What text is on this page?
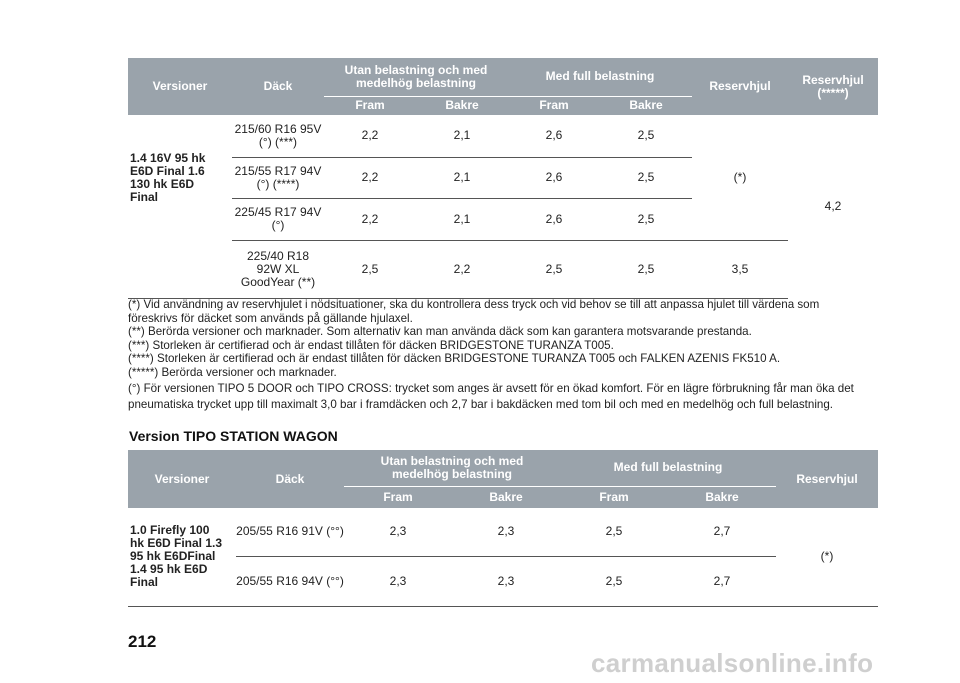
Versioner	Däck	Utan belastning och med medelhög belastning		Med full belastning		Reservhjul	Reservhjul (*****)
		Fram	Bakre	Fram	Bakre		
1.4 16V 95 hk E6D Final 1.6 130 hk E6D Final	215/60 R16 95V (°) (***)	2,2	2,1	2,6	2,5	(*)	4,2
	215/55 R17 94V (°) (****)	2,2	2,1	2,6	2,5		
	225/45 R17 94V (°)	2,2	2,1	2,6	2,5		
	225/40 R18 92W XL GoodYear (**)	2,5	2,2	2,5	2,5	3,5	
(*) Vid användning av reservhjulet i nödsituationer, ska du kontrollera dess tryck och vid behov se till att anpassa hjulet till värdena som
föreskrivs för däcket som används på gällande hjulaxel.
(**) Berörda versioner och marknader. Som alternativ kan man använda däck som kan garantera motsvarande prestanda.
(***) Storleken är certifierad och är endast tillåten för däcken BRIDGESTONE TURANZA T005.
(****) Storleken är certifierad och är endast tillåten för däcken BRIDGESTONE TURANZA T005 och FALKEN AZENIS FK510 A.
(*****) Berörda versioner och marknader.
(°) För versionen TIPO 5 DOOR och TIPO CROSS: trycket som anges är avsett för en ökad komfort. För en lägre förbrukning får man öka det
pneumatiska trycket upp till maximalt 3,0 bar i framdäcken och 2,7 bar i bakdäcken med tom bil och med en medelhög och full belastning.
Version TIPO STATION WAGON
Versioner	Däck	Utan belastning och med medelhög belastning		Med full belastning		Reservhjul
		Fram	Bakre	Fram	Bakre	
1.0 Firefly 100 hk E6D Final 1.3 95 hk E6DFinal 1.4 95 hk E6D Final	205/55 R16 91V (°°)	2,3	2,3	2,5	2,7	(*)
	205/55 R16 94V (°°)	2,3	2,3	2,5	2,7	
212
carmanualsonline.info
